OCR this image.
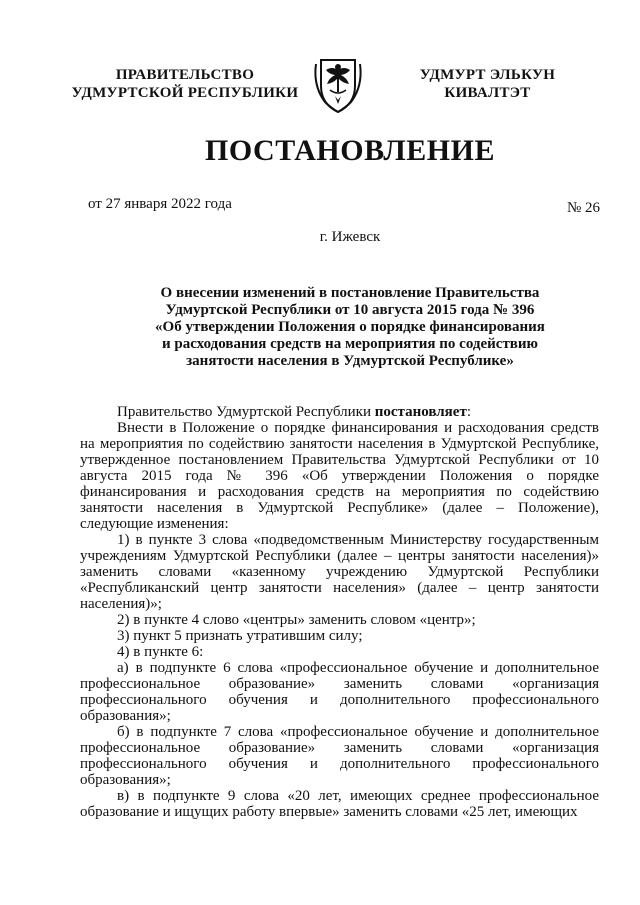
ПРАВИТЕЛЬСТВО
УДМУРТСКОЙ РЕСПУБЛИКИ
УДМУРТ ЭЛЬКУН
КИВАЛТЭТ
ПОСТАНОВЛЕНИЕ
от 27 января 2022 года	№ 26
г. Ижевск
О внесении изменений в постановление Правительства
Удмуртской Республики от 10 августа 2015 года № 396
«Об утверждении Положения о порядке финансирования
и расходования средств на мероприятия по содействию
занятости населения в Удмуртской Республике»

Правительство Удмуртской Республики постановляет:

Внести в Положение о порядке финансирования и расходования средств на мероприятия по содействию занятости населения в Удмуртской Республике, утвержденное постановлением Правительства Удмуртской Республики от 10 августа 2015 года № 396 «Об утверждении Положения о порядке финансирования и расходования средств на мероприятия по содействию занятости населения в Удмуртской Республике» (далее – Положение), следующие изменения:

1) в пункте 3 слова «подведомственным Министерству государственным учреждениям Удмуртской Республики (далее – центры занятости населения)» заменить словами «казенному учреждению Удмуртской Республики «Республиканский центр занятости населения» (далее – центр занятости населения)»;

2) в пункте 4 слово «центры» заменить словом «центр»;

3) пункт 5 признать утратившим силу;

4) в пункте 6:

а) в подпункте 6 слова «профессиональное обучение и дополнительное профессиональное образование» заменить словами «организация профессионального обучения и дополнительного профессионального образования»;

б) в подпункте 7 слова «профессиональное обучение и дополнительное профессиональное образование» заменить словами «организация профессионального обучения и дополнительного профессионального образования»;

в) в подпункте 9 слова «20 лет, имеющих среднее профессиональное образование и ищущих работу впервые» заменить словами «25 лет, имеющих
